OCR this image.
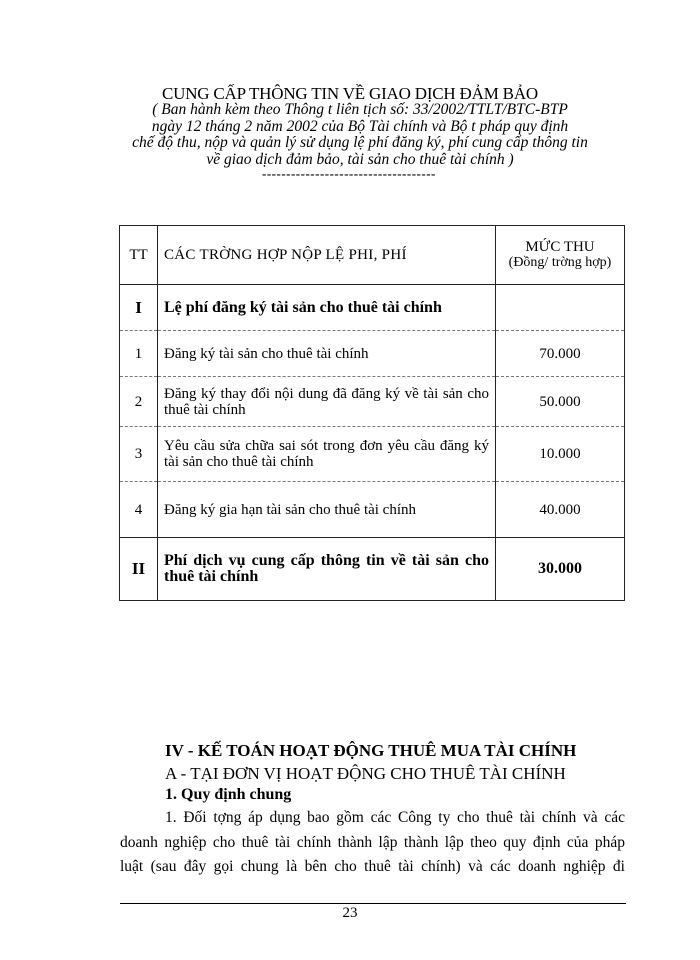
CUNG CẤP THÔNG TIN VỀ GIAO DỊCH ĐẢM BẢO
( Ban hành kèm theo Thông t liên tịch số: 33/2002/TTLT/BTC-BTP
ngày 12 tháng 2 năm 2002 của Bộ Tài chính và Bộ t pháp quy định
chế độ thu, nộp và quản lý sử dụng lệ phí đăng ký, phí cung cấp thông tin
về giao dịch đảm bảo, tài sản cho thuê tài chính )
------------------------------------
TT	CÁC TRỜNG HỢP NỘP LỆ PHI, PHÍ	MỨC THU
(Đồng/ trờng hợp)

I	Lệ phí đăng ký tài sản cho thuê tài chính	
1	Đăng ký tài sản cho thuê tài chính	70.000
2	Đăng ký thay đổi nội dung đã đăng ký về tài sản cho thuê tài chính	50.000
3	Yêu cầu sửa chữa sai sót trong đơn yêu cầu đăng ký tài sản cho thuê tài chính	10.000
4	Đăng ký gia hạn tài sản cho thuê tài chính	40.000
II	Phí dịch vụ cung cấp thông tin về tài sản cho thuê tài chính	30.000
IV - KẾ TOÁN HOẠT ĐỘNG THUÊ MUA TÀI CHÍNH
A - TẠI ĐƠN VỊ HOẠT ĐỘNG CHO THUÊ TÀI CHÍNH
1. Quy định chung
1. Đối tợng áp dụng bao gồm các Công ty cho thuê tài chính và các
doanh nghiệp cho thuê tài chính thành lập thành lập theo quy định của pháp
luật (sau đây gọi chung là bên cho thuê tài chính) và các doanh nghiệp đi
23
